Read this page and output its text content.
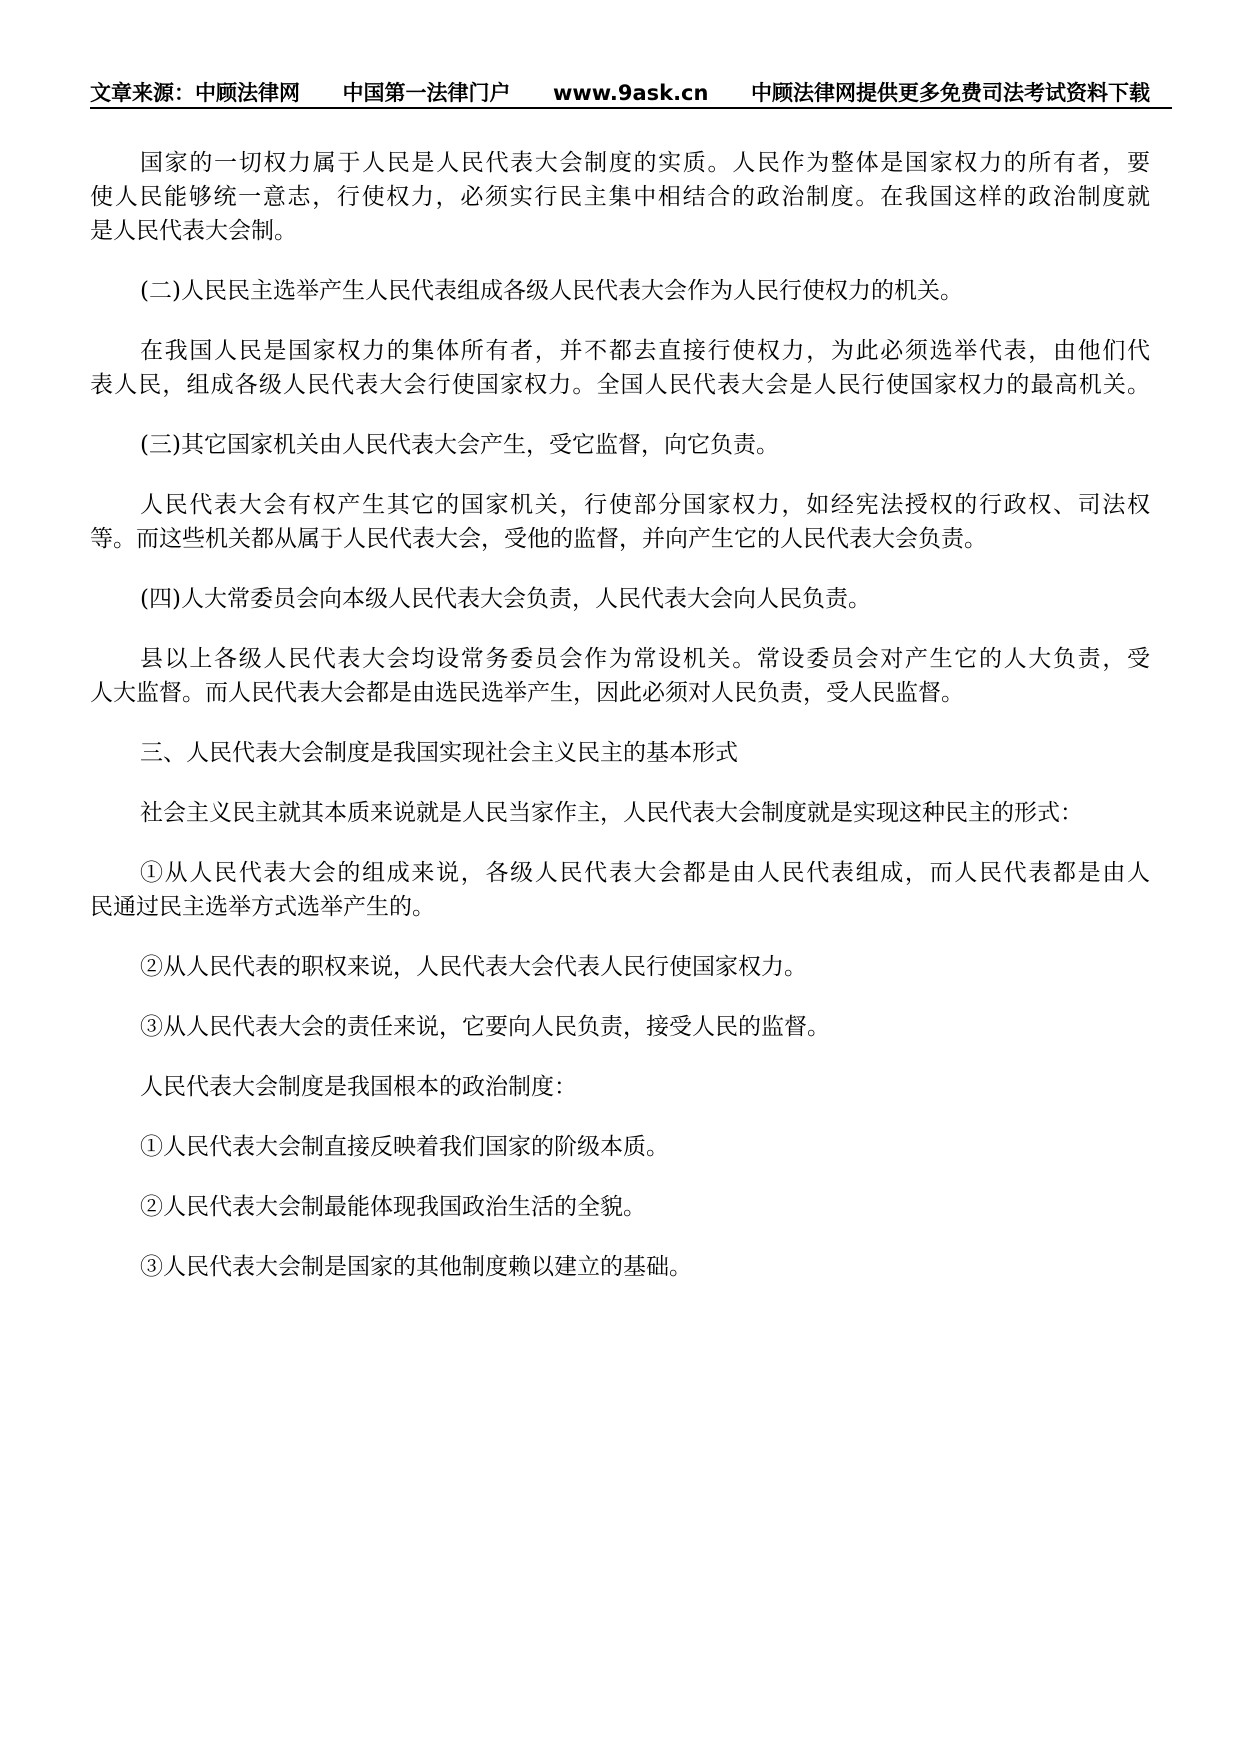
文章来源：中顾法律网 中国第一法律门户 www.9ask.cn 中顾法律网提供更多免费司法考试资料下载
国家的一切权力属于人民是人民代表大会制度的实质。人民作为整体是国家权力的所有者，要
使人民能够统一意志，行使权力，必须实行民主集中相结合的政治制度。在我国这样的政治制度就
是人民代表大会制。
(二)人民民主选举产生人民代表组成各级人民代表大会作为人民行使权力的机关。
在我国人民是国家权力的集体所有者，并不都去直接行使权力，为此必须选举代表，由他们代
表人民，组成各级人民代表大会行使国家权力。全国人民代表大会是人民行使国家权力的最高机关。
(三)其它国家机关由人民代表大会产生，受它监督，向它负责。
人民代表大会有权产生其它的国家机关，行使部分国家权力，如经宪法授权的行政权、司法权
等。而这些机关都从属于人民代表大会，受他的监督，并向产生它的人民代表大会负责。
(四)人大常委员会向本级人民代表大会负责，人民代表大会向人民负责。
县以上各级人民代表大会均设常务委员会作为常设机关。常设委员会对产生它的人大负责，受
人大监督。而人民代表大会都是由选民选举产生，因此必须对人民负责，受人民监督。
三、人民代表大会制度是我国实现社会主义民主的基本形式
社会主义民主就其本质来说就是人民当家作主，人民代表大会制度就是实现这种民主的形式：
①从人民代表大会的组成来说，各级人民代表大会都是由人民代表组成，而人民代表都是由人
民通过民主选举方式选举产生的。
②从人民代表的职权来说，人民代表大会代表人民行使国家权力。
③从人民代表大会的责任来说，它要向人民负责，接受人民的监督。
人民代表大会制度是我国根本的政治制度：
①人民代表大会制直接反映着我们国家的阶级本质。
②人民代表大会制最能体现我国政治生活的全貌。
③人民代表大会制是国家的其他制度赖以建立的基础。
